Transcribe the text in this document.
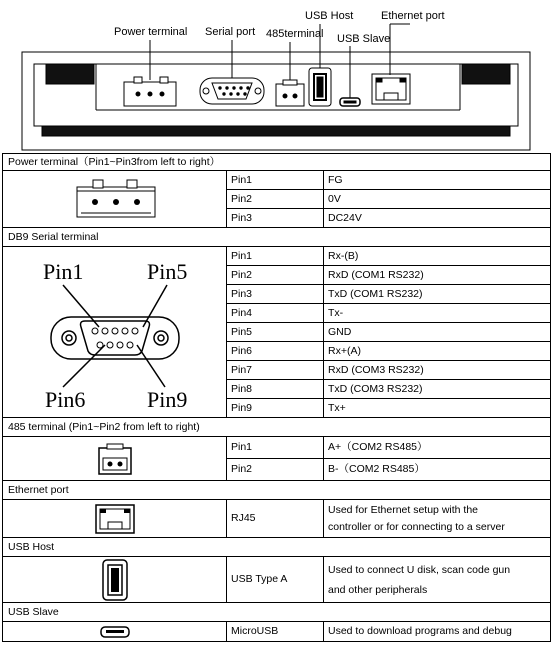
Power terminal Serial port 485terminal
USB Host
USB Slave
Ethernet port
Power terminal（Pin1~Pin3from left to right）		

	Pin1	FG
	Pin2	0V
	Pin3	DC24V
DB9 Serial terminal		

Pin1 Pin5
Pin6 Pin9	Pin1	Rx-(B)
	Pin2	RxD (COM1 RS232)
	Pin3	TxD (COM1 RS232)
	Pin4	Tx-
	Pin5	GND
	Pin6	Rx+(A)
	Pin7	RxD (COM3 RS232)
	Pin8	TxD (COM3 RS232)
	Pin9	Tx+
485 terminal (Pin1~Pin2 from left to right)		

	Pin1	A+（COM2 RS485）
	Pin2	B-（COM2 RS485）
Ethernet port		

	RJ45	Used for Ethernet setup with the
controller or for connecting to a server

USB Host		

	USB Type A	Used to connect U disk, scan code gun
and other peripherals

USB Slave		

	MicroUSB	Used to download programs and debug
